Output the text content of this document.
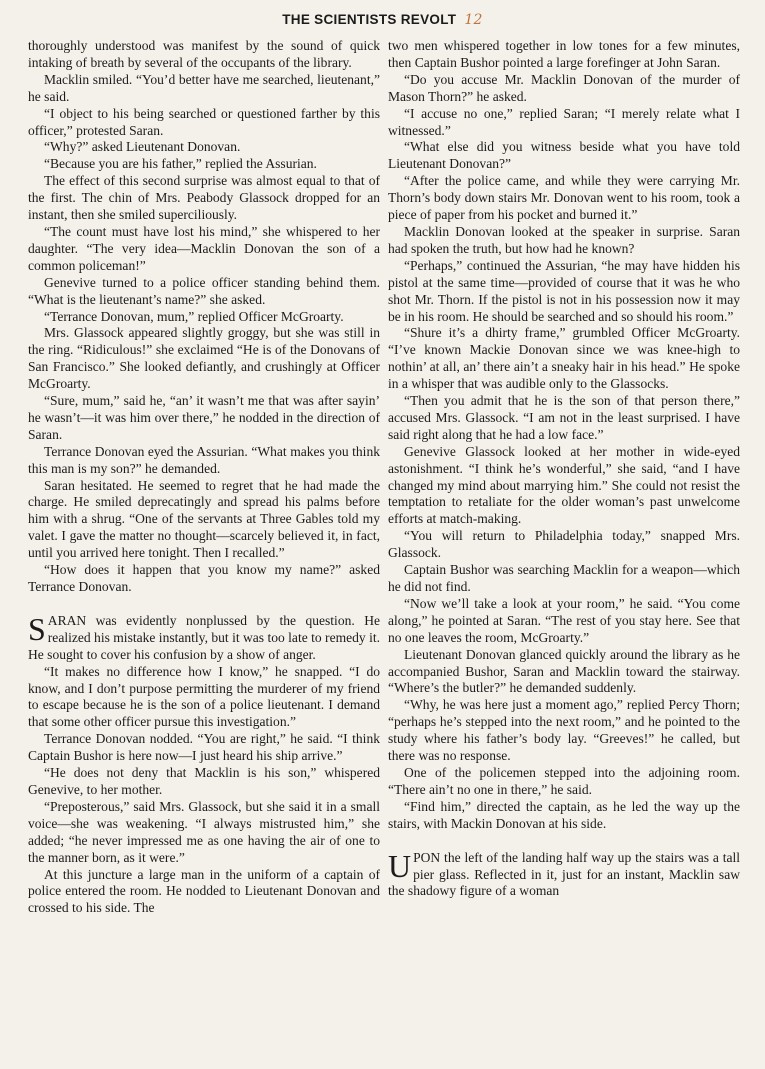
THE SCIENTISTS REVOLT 12

thoroughly understood was manifest by the sound of quick intaking of breath by several of the occupants of the library.

Macklin smiled. “You’d better have me searched, lieutenant,” he said.

“I object to his being searched or questioned farther by this officer,” protested Saran.

“Why?” asked Lieutenant Donovan.

“Because you are his father,” replied the Assurian.

The effect of this second surprise was almost equal to that of the first. The chin of Mrs. Peabody Glassock dropped for an instant, then she smiled superciliously.

“The count must have lost his mind,” she whispered to her daughter. “The very idea—Macklin Donovan the son of a common policeman!”

Genevive turned to a police officer standing behind them. “What is the lieutenant’s name?” she asked.

“Terrance Donovan, mum,” replied Officer McGroarty.

Mrs. Glassock appeared slightly groggy, but she was still in the ring. “Ridiculous!” she exclaimed “He is of the Donovans of San Francisco.” She looked defiantly, and crushingly at Officer McGroarty.

“Sure, mum,” said he, “an’ it wasn’t me that was after sayin’ he wasn’t—it was him over there,” he nodded in the direction of Saran.

Terrance Donovan eyed the Assurian. “What makes you think this man is my son?” he demanded.

Saran hesitated. He seemed to regret that he had made the charge. He smiled deprecatingly and spread his palms before him with a shrug. “One of the servants at Three Gables told my valet. I gave the matter no thought—scarcely believed it, in fact, until you arrived here tonight. Then I recalled.”

“How does it happen that you know my name?” asked Terrance Donovan.

SARAN was evidently nonplussed by the question. He realized his mistake instantly, but it was too late to remedy it. He sought to cover his confusion by a show of anger.

“It makes no difference how I know,” he snapped. “I do know, and I don’t purpose permitting the murderer of my friend to escape because he is the son of a police lieutenant. I demand that some other officer pursue this investigation.”

Terrance Donovan nodded. “You are right,” he said. “I think Captain Bushor is here now—I just heard his ship arrive.”

“He does not deny that Macklin is his son,” whispered Genevive, to her mother.

“Preposterous,” said Mrs. Glassock, but she said it in a small voice—she was weakening. “I always mistrusted him,” she added; “he never impressed me as one having the air of one to the manner born, as it were.”

At this juncture a large man in the uniform of a captain of police entered the room. He nodded to Lieutenant Donovan and crossed to his side. The

two men whispered together in low tones for a few minutes, then Captain Bushor pointed a large forefinger at John Saran.

“Do you accuse Mr. Macklin Donovan of the murder of Mason Thorn?” he asked.

“I accuse no one,” replied Saran; “I merely relate what I witnessed.”

“What else did you witness beside what you have told Lieutenant Donovan?”

“After the police came, and while they were carrying Mr. Thorn’s body down stairs Mr. Donovan went to his room, took a piece of paper from his pocket and burned it.”

Macklin Donovan looked at the speaker in surprise. Saran had spoken the truth, but how had he known?

“Perhaps,” continued the Assurian, “he may have hidden his pistol at the same time—provided of course that it was he who shot Mr. Thorn. If the pistol is not in his possession now it may be in his room. He should be searched and so should his room.”

“Shure it’s a dhirty frame,” grumbled Officer McGroarty. “I’ve known Mackie Donovan since we was knee-high to nothin’ at all, an’ there ain’t a sneaky hair in his head.” He spoke in a whisper that was audible only to the Glassocks.

“Then you admit that he is the son of that person there,” accused Mrs. Glassock. “I am not in the least surprised. I have said right along that he had a low face.”

Genevive Glassock looked at her mother in wide-eyed astonishment. “I think he’s wonderful,” she said, “and I have changed my mind about marrying him.” She could not resist the temptation to retaliate for the older woman’s past unwelcome efforts at match-making.

“You will return to Philadelphia today,” snapped Mrs. Glassock.

Captain Bushor was searching Macklin for a weapon—which he did not find.

“Now we’ll take a look at your room,” he said. “You come along,” he pointed at Saran. “The rest of you stay here. See that no one leaves the room, McGroarty.”

Lieutenant Donovan glanced quickly around the library as he accompanied Bushor, Saran and Macklin toward the stairway. “Where’s the butler?” he demanded suddenly.

“Why, he was here just a moment ago,” replied Percy Thorn; “perhaps he’s stepped into the next room,” and he pointed to the study where his father’s body lay. “Greeves!” he called, but there was no response.

One of the policemen stepped into the adjoining room. “There ain’t no one in there,” he said.

“Find him,” directed the captain, as he led the way up the stairs, with Mackin Donovan at his side.

UPON the left of the landing half way up the stairs was a tall pier glass. Reflected in it, just for an instant, Macklin saw the shadowy figure of a woman
